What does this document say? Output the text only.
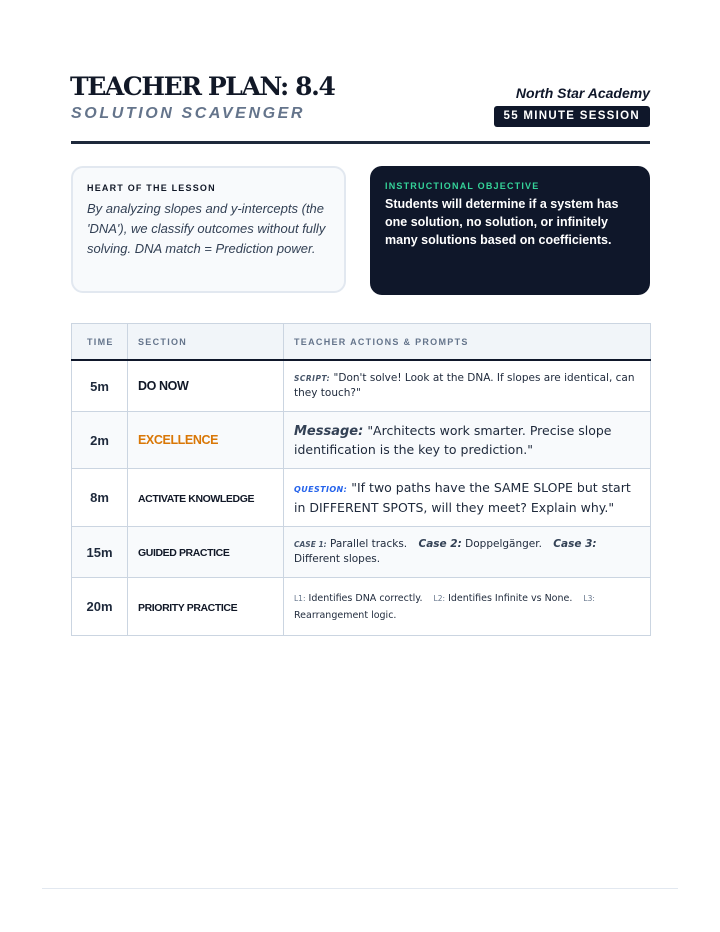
TEACHER PLAN: 8.4
SOLUTION SCAVENGER
North Star Academy
55 MINUTE SESSION
HEART OF THE LESSON
By analyzing slopes and y-intercepts (the 'DNA'), we classify outcomes without fully solving. DNA match = Prediction power.
INSTRUCTIONAL OBJECTIVE
Students will determine if a system has one solution, no solution, or infinitely many solutions based on coefficients.
TIME	SECTION	TEACHER ACTIONS & PROMPTS
5m	DO NOW	SCRIPT: "Don't solve! Look at the DNA. If slopes are identical, can they touch?"
2m	EXCELLENCE	Message: "Architects work smarter. Precise slope identification is the key to prediction."
8m	ACTIVATE KNOWLEDGE	QUESTION: "If two paths have the SAME SLOPE but start in DIFFERENT SPOTS, will they meet? Explain why."
15m	GUIDED PRACTICE	CASE 1: Parallel tracks. Case 2: Doppelgänger. Case 3: Different slopes.
20m	PRIORITY PRACTICE	L1: Identifies DNA correctly. L2: Identifies Infinite vs None. L3: Rearrangement logic.
